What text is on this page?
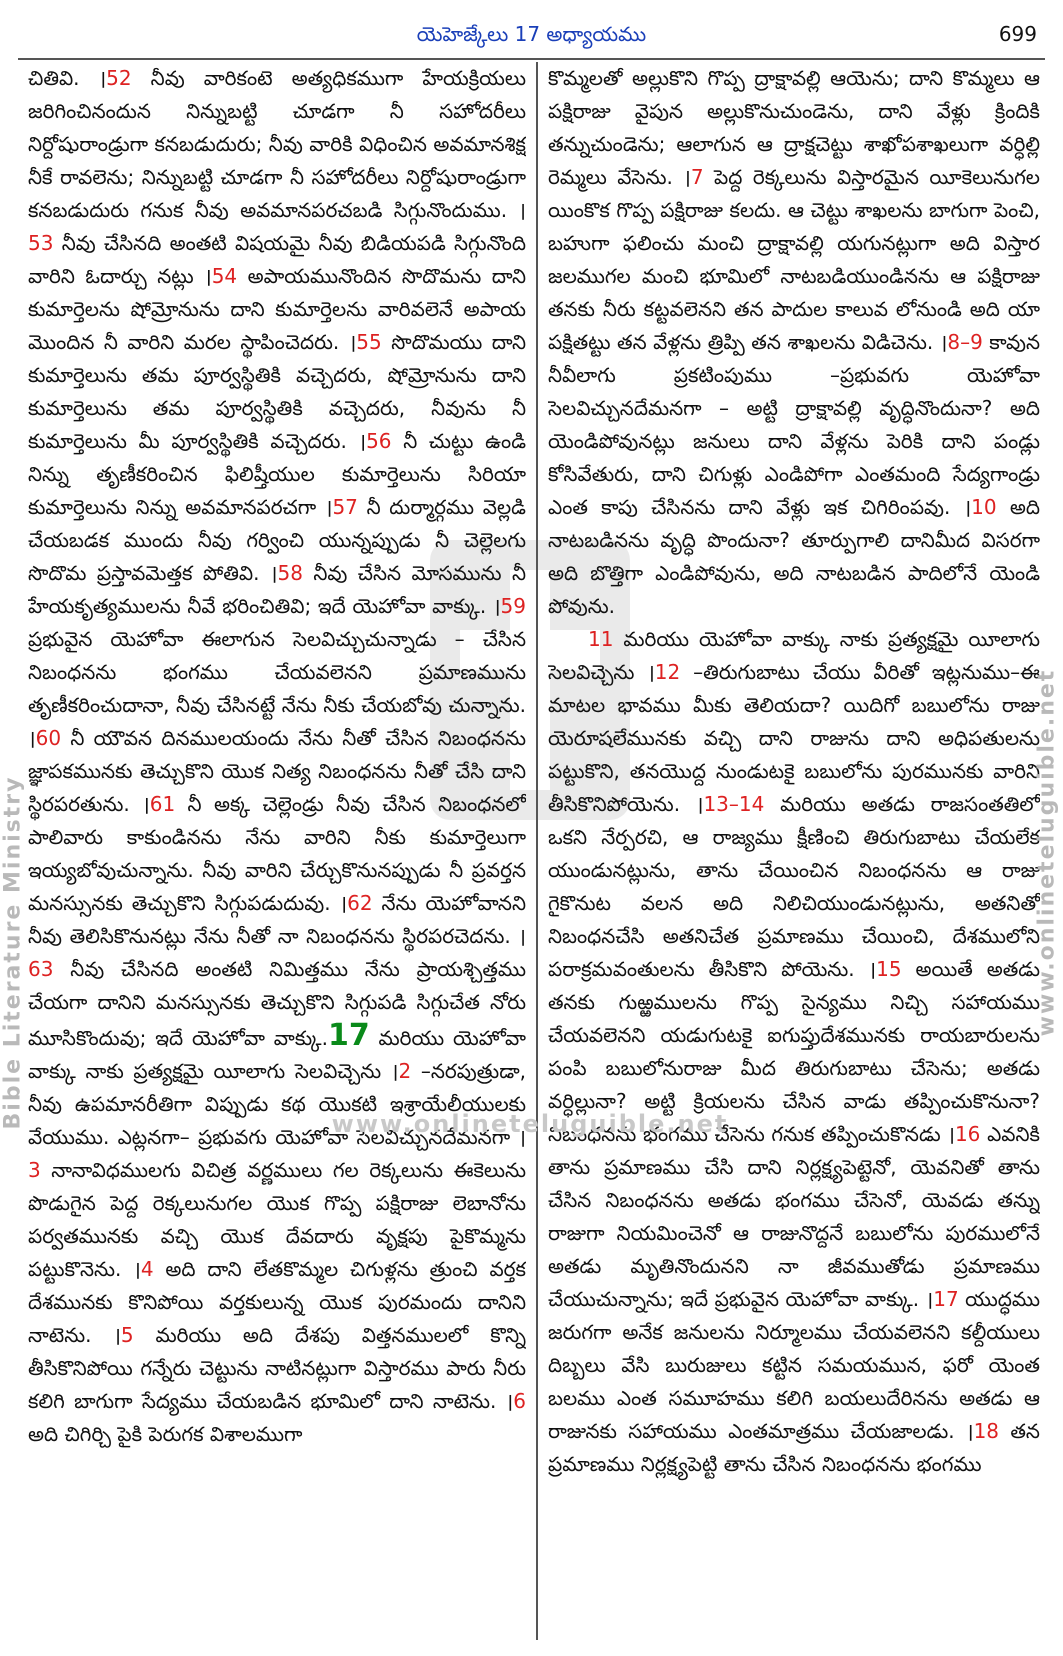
యెహెజ్కేలు 17 అధ్యాయము	699
చితివి. ।52 నీవు వారికంటె అత్యధికముగా హేయక్రియలు జరిగించినందున నిన్నుబట్టి చూడగా నీ సహోదరీలు నిర్దోషురాండ్రుగా కనబడుదురు; నీవు వారికి విధించిన అవమానశిక్ష నీకే రావలెను; నిన్నుబట్టి చూడగా నీ సహోదరీలు నిర్దోషురాండ్రుగా కనబడుదురు గనుక నీవు అవమానపరచబడి సిగ్గునొందుము. ।53 నీవు చేసినది అంతటి విషయమై నీవు బిడియపడి సిగ్గునొంది వారిని ఓదార్చు నట్లు ।54 అపాయమునొందిన సొదొమను దాని కుమార్తెలను షోమ్రోనును దాని కుమార్తెలను వారివలెనే అపాయ మొందిన నీ వారిని మరల స్థాపించెదరు. ।55 సొదొమయు దాని కుమార్తెలును తమ పూర్వస్థితికి వచ్చెదరు, షోమ్రోనును దాని కుమార్తెలును తమ పూర్వస్థితికి వచ్చెదరు, నీవును నీ కుమార్తెలును మీ పూర్వస్థితికి వచ్చెదరు. ।56 నీ చుట్టు ఉండి నిన్ను తృణీకరించిన ఫిలిష్తీయుల కుమార్తెలును సిరియా కుమార్తెలును నిన్ను అవమానపరచగా ।57 నీ దుర్మార్గము వెల్లడి చేయబడక ముందు నీవు గర్వించి యున్నప్పుడు నీ చెల్లెలగు సొదొమ ప్రస్తావమెత్తక పోతివి. ।58 నీవు చేసిన మోసమును నీ హేయకృత్యములను నీవే భరించితివి; ఇదే యెహోవా వాక్కు. ।59 ప్రభువైన యెహోవా ఈలాగున సెలవిచ్చుచున్నాడు – చేసిన నిబంధనను భంగము చేయవలెనని ప్రమాణమును తృణీకరించుదానా, నీవు చేసినట్టే నేను నీకు చేయబోవు చున్నాను. ।60 నీ యౌవన దినములయందు నేను నీతో చేసిన నిబంధనను జ్ఞాపకమునకు తెచ్చుకొని యొక నిత్య నిబంధనను నీతో చేసి దాని స్థిరపరతును. ।61 నీ అక్క చెల్లెండ్రు నీవు చేసిన నిబంధనలో పాలివారు కాకుండినను నేను వారిని నీకు కుమార్తెలుగా ఇయ్యబోవుచున్నాను. నీవు వారిని చేర్చుకొనునప్పుడు నీ ప్రవర్తన మనస్సునకు తెచ్చుకొని సిగ్గుపడుదువు. ।62 నేను యెహోవానని నీవు తెలిసికొనునట్లు నేను నీతో నా నిబంధనను స్థిరపరచెదను. ।63 నీవు చేసినది అంతటి నిమిత్తము నేను ప్రాయశ్చిత్తము చేయగా దానిని మనస్సునకు తెచ్చుకొని సిగ్గుపడి సిగ్గుచేత నోరు మూసికొందువు; ఇదే యెహోవా వాక్కు.17 మరియు యెహోవా వాక్కు నాకు ప్రత్యక్షమై యీలాగు సెలవిచ్చెను ।2 –నరపుత్రుడా, నీవు ఉపమానరీతిగా విప్పుడు కథ యొకటి ఇశ్రాయేలీయులకు వేయుము. ఎట్లనగా– ప్రభువగు యెహోవా సెలవిచ్చునదేమనగా ।3 నానావిధములగు విచిత్ర వర్ణములు గల రెక్కలును ఈకెలును పొడుగైన పెద్ద రెక్కలునుగల యొక గొప్ప పక్షిరాజు లెబానోను పర్వతమునకు వచ్చి యొక దేవదారు వృక్షపు పైకొమ్మను పట్టుకొనెను. ।4 అది దాని లేతకొమ్మల చిగుళ్లను త్రుంచి వర్తక దేశమునకు కొనిపోయి వర్తకులున్న యొక పురమందు దానిని నాటెను. ।5 మరియు అది దేశపు విత్తనములలో కొన్ని తీసికొనిపోయి గన్నేరు చెట్టును నాటినట్లుగా విస్తారము పారు నీరు కలిగి బాగుగా సేద్యము చేయబడిన భూమిలో దాని నాటెను. ।6 అది చిగిర్చి పైకి పెరుగక విశాలముగా
కొమ్మలతో అల్లుకొని గొప్ప ద్రాక్షావల్లి ఆయెను; దాని కొమ్మలు ఆ పక్షిరాజు వైపున అల్లుకొనుచుండెను, దాని వేళ్లు క్రిందికి తన్నుచుండెను; ఆలాగున ఆ ద్రాక్షచెట్టు శాఖోపశాఖలుగా వర్ధిల్లి రెమ్మలు వేసెను. ।7 పెద్ద రెక్కలును విస్తారమైన యీకెలునుగల యింకొక గొప్ప పక్షిరాజు కలదు. ఆ చెట్టు శాఖలను బాగుగా పెంచి, బహుగా ఫలించు మంచి ద్రాక్షావల్లి యగునట్లుగా అది విస్తార జలముగల మంచి భూమిలో నాటబడియుండినను ఆ పక్షిరాజు తనకు నీరు కట్టవలెనని తన పాదుల కాలువ లోనుండి అది యా పక్షితట్టు తన వేళ్లను త్రిప్పి తన శాఖలను విడిచెను. ।8–9 కావున నీవీలాగు ప్రకటింపుము –ప్రభువగు యెహోవా సెలవిచ్చునదేమనగా – అట్టి ద్రాక్షావల్లి వృద్ధినొందునా? అది యెండిపోవునట్లు జనులు దాని వేళ్లను పెరికి దాని పండ్లు కోసివేతురు, దాని చిగుళ్లు ఎండిపోగా ఎంతమంది సేద్యగాండ్రు ఎంత కాపు చేసినను దాని వేళ్లు ఇక చిగిరింపవు. ।10 అది నాటబడినను వృద్ధి పొందునా? తూర్పుగాలి దానిమీద విసరగా అది బొత్తిగా ఎండిపోవును, అది నాటబడిన పాదిలోనే యెండి పోవును.
11 మరియు యెహోవా వాక్కు నాకు ప్రత్యక్షమై యీలాగు సెలవిచ్చెను ।12 –తిరుగుబాటు చేయు వీరితో ఇట్లనుము–ఈ మాటల భావము మీకు తెలియదా? యిదిగో బబులోను రాజు యెరూషలేమునకు వచ్చి దాని రాజును దాని అధిపతులను పట్టుకొని, తనయొద్ద నుండుటకై బబులోను పురమునకు వారిని తీసికొనిపోయెను. ।13–14 మరియు అతడు రాజసంతతిలో ఒకని నేర్పరచి, ఆ రాజ్యము క్షీణించి తిరుగుబాటు చేయలేక యుండునట్లును, తాను చేయించిన నిబంధనను ఆ రాజు గైకొనుట వలన అది నిలిచియుండునట్లును, అతనితో నిబంధనచేసి అతనిచేత ప్రమాణము చేయించి, దేశములోని పరాక్రమవంతులను తీసికొని పోయెను. ।15 అయితే అతడు తనకు గుఱ్ఱములను గొప్ప సైన్యము నిచ్చి సహాయము చేయవలెనని యడుగుటకై ఐగుప్తుదేశమునకు రాయబారులను పంపి బబులోనురాజు మీద తిరుగుబాటు చేసెను; అతడు వర్ధిల్లునా? అట్టి క్రియలను చేసిన వాడు తప్పించుకొనునా? నిబంధనను భంగము చేసెను గనుక తప్పించుకొనడు ।16 ఎవనికి తాను ప్రమాణము చేసి దాని నిర్లక్ష్యపెట్టెనో, యెవనితో తాను చేసిన నిబంధనను అతడు భంగము చేసెనో, యెవడు తన్ను రాజుగా నియమించెనో ఆ రాజునొద్దనే బబులోను పురములోనే అతడు మృతినొందునని నా జీవముతోడు ప్రమాణము చేయుచున్నాను; ఇదే ప్రభువైన యెహోవా వాక్కు. ।17 యుద్ధము జరుగగా అనేక జనులను నిర్మూలము చేయవలెనని కల్దీయులు దిబ్బలు వేసి బురుజులు కట్టిన సమయమున, ఫరో యెంత బలము ఎంత సమూహము కలిగి బయలుదేరినను అతడు ఆ రాజునకు సహాయము ఎంతమాత్రము చేయజాలడు. ।18 తన ప్రమాణము నిర్లక్ష్యపెట్టి తాను చేసిన నిబంధనను భంగము
Bible Literature Ministry	www.onlineteluguible.net
www.onlineteluguible.net
